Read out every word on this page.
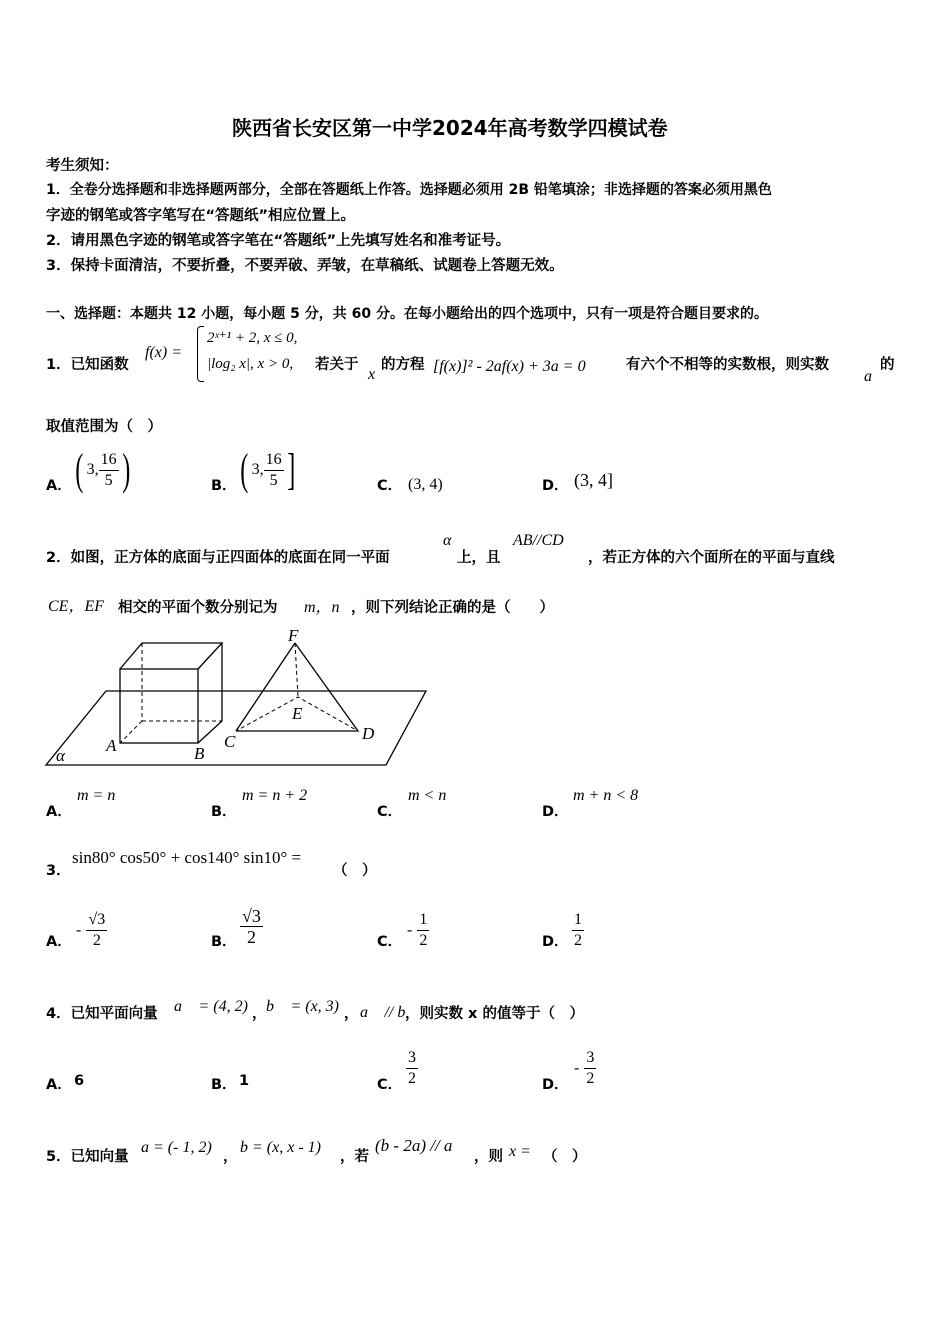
陕西省长安区第一中学2024年高考数学四模试卷
考生须知：
1．全卷分选择题和非选择题两部分，全部在答题纸上作答。选择题必须用 2B 铅笔填涂；非选择题的答案必须用黑色
字迹的钢笔或答字笔写在“答题纸”相应位置上。
2．请用黑色字迹的钢笔或答字笔在“答题纸”上先填写姓名和准考证号。
3．保持卡面清洁，不要折叠，不要弄破、弄皱，在草稿纸、试题卷上答题无效。
一、选择题：本题共 12 小题，每小题 5 分，共 60 分。在每小题给出的四个选项中，只有一项是符合题目要求的。
1．已知函数
f(x) =
2ˣ⁺¹ + 2, x ≤ 0,
|log₂ x|, x > 0, 若关于
x
的方程 [f(x)]² - 2af(x) + 3a = 0	有六个不相等的实数根，则实数
a
的
取值范围为（　）
A． ( 3, $\frac{16}{5}$ )	B． ( 3, $\frac{16}{5}$ ]	C． (3, 4)	D． (3, 4]
2．如图，正方体的底面与正四面体的底面在同一平面
α
上，且
AB//CD
，若正方体的六个面所在的平面与直线
CE，EF 相交的平面个数分别记为 m，n ，则下列结论正确的是（　　）
F
E
A	B
C	D
α
A．
m = n
B．
m = n + 2
C．
m < n
D．
m + n < 8
3．
sin80° cos50° + cos140° sin10° =
（　）
A．
- $\frac{√3}{2}$	B． $\frac{√3}{2}$	C．
- $\frac{1}{2}$	D． $\frac{1}{2}$
4．已知平面向量 a⃗ = (4, 2) ， b⃗ = (x, 3) ， a⃗ // b⃗
，则实数 x 的值等于（　）
A． 6	B． 1	C． $\frac{3}{2}$	D．
- $\frac{3}{2}$
5．已知向量
a = (- 1, 2)
，
b = (x, x - 1)
，若
(b - 2a) // a
，则 x = （　）
